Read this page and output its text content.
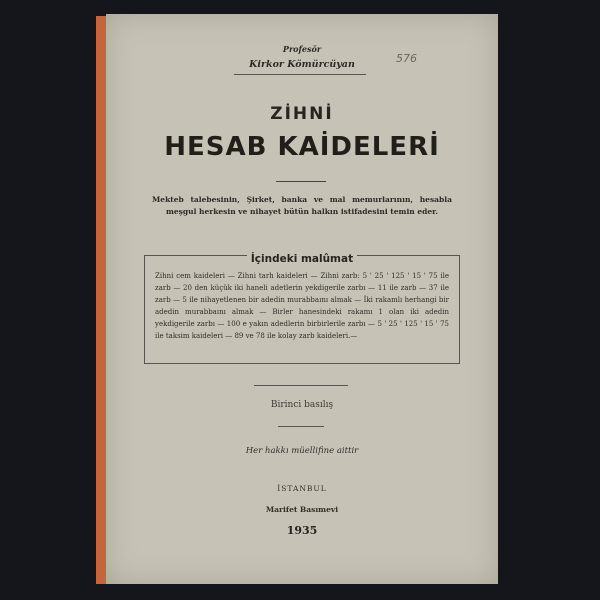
Profesör
Kirkor Kömürcüyan	576
ZİHNİ
HESAB KAİDELERİ
Mekteb talebesinin, Şirket, banka ve mal memurlarının, hesabla meşgul herkesin ve nihayet bütün halkın istifadesini temin eder.
İçindeki malûmat
Zihni cem kaideleri — Zihni tarh kaideleri — Zihni zarb: 5 ' 25 ' 125 ' 15 ' 75 ile zarb — 20 den küçük iki haneli adetlerin yekdigerile zarbı — 11 ile zarb — 37 ile zarb — 5 ile nihayetlenen bir adedin murabbaını almak — İki rakamlı herhangi bir adedin murabbaını almak — Birler hanesindeki rakamı 1 olan iki adedin yekdigerile zarbı — 100 e yakın adedlerin birbirlerile zarbı — 5 ' 25 ' 125 ' 15 ' 75 ile taksim kaideleri — 89 ve 78 ile kolay zarb kaideleri.—
Birinci basılış
Her hakkı müellifine aittir
İSTANBUL
Marifet Basımevi
1935
